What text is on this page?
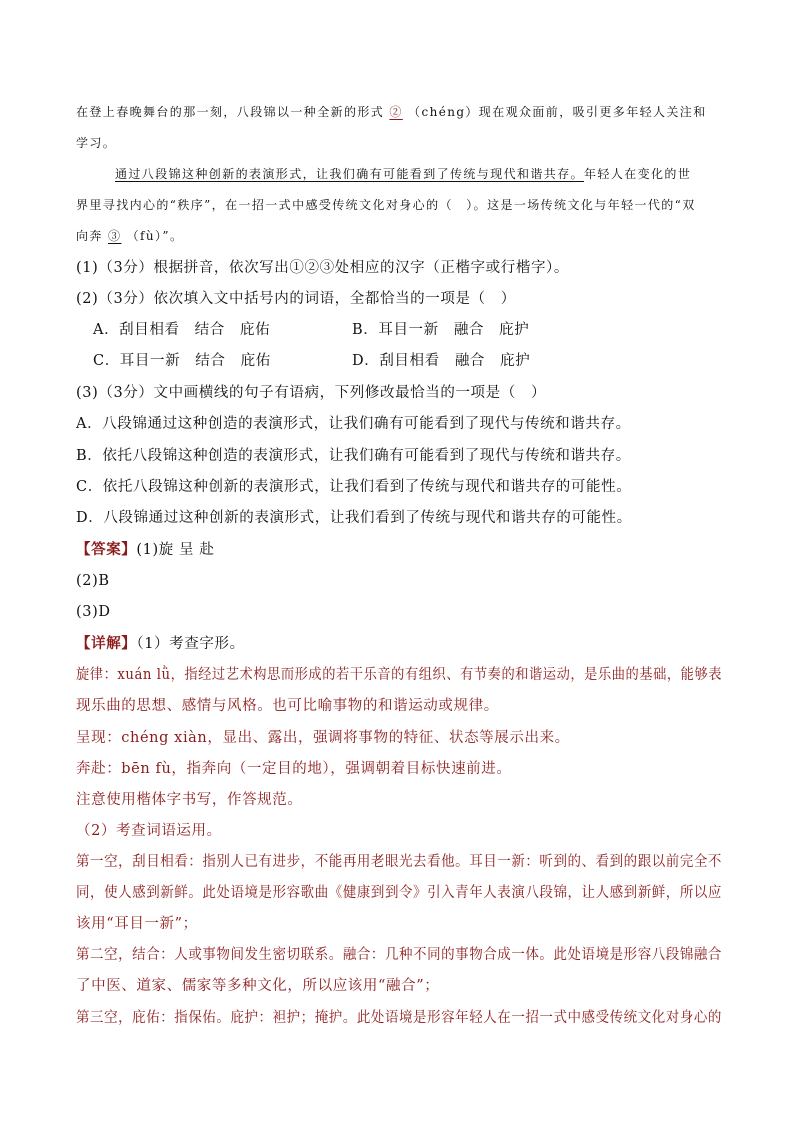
在登上春晚舞台的那一刻，八段锦以一种全新的形式 ② （chéng）现在观众面前，吸引更多年轻人关注和
学习。
通过八段锦这种创新的表演形式，让我们确有可能看到了传统与现代和谐共存。年轻人在变化的世
界里寻找内心的“秩序”，在一招一式中感受传统文化对身心的（　）。这是一场传统文化与年轻一代的“双
向奔 ③ （fù）”。
(1)（3分）根据拼音，依次写出①②③处相应的汉字（正楷字或行楷字）。
(2)（3分）依次填入文中括号内的词语，全都恰当的一项是（　）
A．刮目相看　结合　庇佑	B．耳目一新　融合　庇护
C．耳目一新　结合　庇佑	D．刮目相看　融合　庇护
(3)（3分）文中画横线的句子有语病，下列修改最恰当的一项是（　）
A．八段锦通过这种创造的表演形式，让我们确有可能看到了现代与传统和谐共存。
B．依托八段锦这种创造的表演形式，让我们确有可能看到了现代与传统和谐共存。
C．依托八段锦这种创新的表演形式，让我们看到了传统与现代和谐共存的可能性。
D．八段锦通过这种创新的表演形式，让我们看到了传统与现代和谐共存的可能性。
【答案】(1)旋 呈 赴
(2)B
(3)D
【详解】（1）考查字形。
旋律：xuán lǜ，指经过艺术构思而形成的若干乐音的有组织、有节奏的和谐运动，是乐曲的基础，能够表
现乐曲的思想、感情与风格。也可比喻事物的和谐运动或规律。
呈现：chéng xiàn，显出、露出，强调将事物的特征、状态等展示出来。
奔赴：bēn fù，指奔向（一定目的地），强调朝着目标快速前进。
注意使用楷体字书写，作答规范。
（2）考查词语运用。
第一空，刮目相看：指别人已有进步，不能再用老眼光去看他。耳目一新：听到的、看到的跟以前完全不
同，使人感到新鲜。此处语境是形容歌曲《健康到到令》引入青年人表演八段锦，让人感到新鲜，所以应
该用“耳目一新”；
第二空，结合：人或事物间发生密切联系。融合：几种不同的事物合成一体。此处语境是形容八段锦融合
了中医、道家、儒家等多种文化，所以应该用“融合”；
第三空，庇佑：指保佑。庇护：袒护；掩护。此处语境是形容年轻人在一招一式中感受传统文化对身心的
